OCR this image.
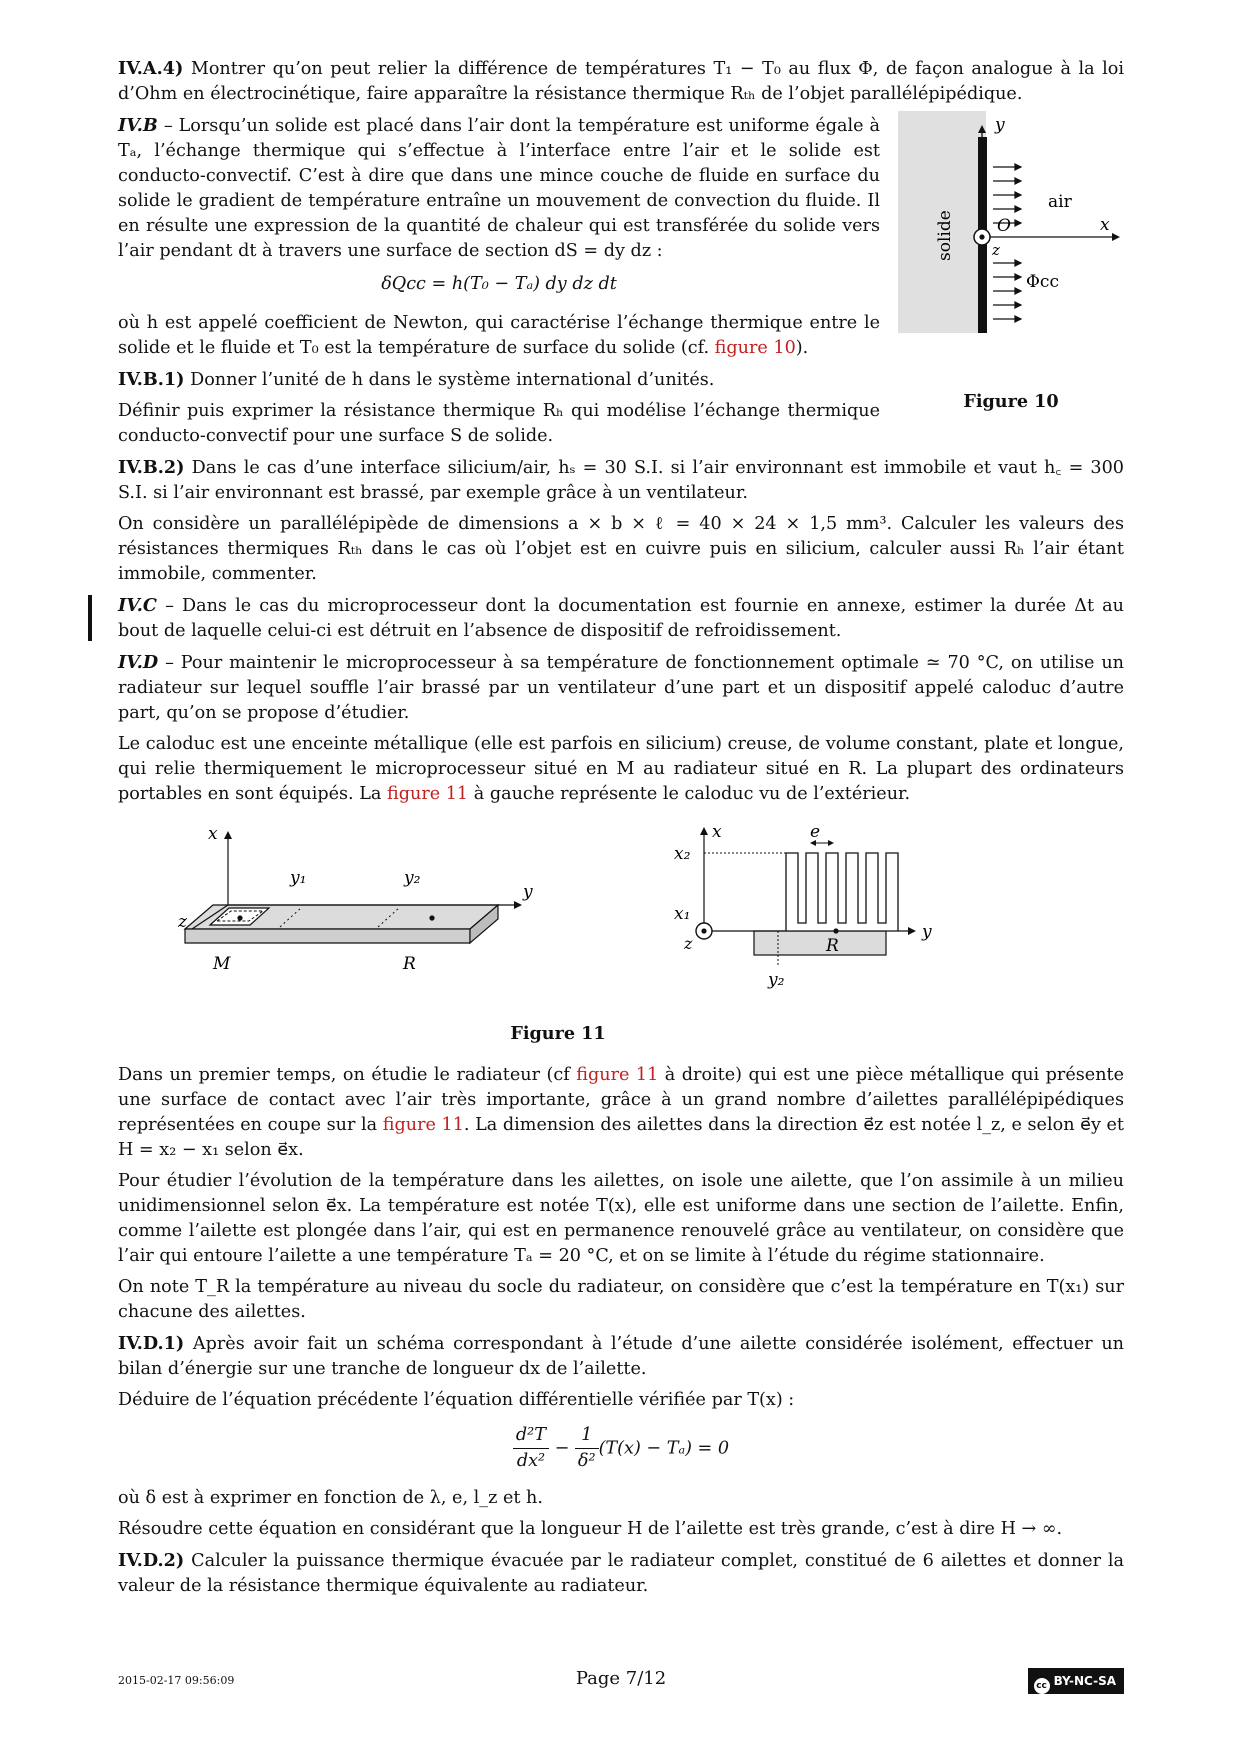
IV.A.4) Montrer qu’on peut relier la différence de températures T₁ − T₀ au flux Φ, de façon analogue à la loi d’Ohm en électrocinétique, faire apparaître la résistance thermique Rₜₕ de l’objet parallélépipédique.

IV.B – Lorsqu’un solide est placé dans l’air dont la température est uniforme égale à Tₐ, l’échange thermique qui s’effectue à l’interface entre l’air et le solide est conducto-convectif. C’est à dire que dans une mince couche de fluide en surface du solide le gradient de température entraîne un mouvement de convection du fluide. Il en résulte une expression de la quantité de chaleur qui est transférée du solide vers l’air pendant dt à travers une surface de section dS = dy dz :

δQcc = h(T₀ − Tₐ) dy dz dt

où h est appelé coefficient de Newton, qui caractérise l’échange thermique entre le solide et le fluide et T₀ est la température de surface du solide (cf. figure 10).

IV.B.1) Donner l’unité de h dans le système international d’unités.

Définir puis exprimer la résistance thermique Rₕ qui modélise l’échange thermique conducto-convectif pour une surface S de solide.

y
x
z
O
air
Φcc
solide
Figure 10

IV.B.2) Dans le cas d’une interface silicium/air, hₛ = 30 S.I. si l’air environnant est immobile et vaut h꜀ = 300 S.I. si l’air environnant est brassé, par exemple grâce à un ventilateur.

On considère un parallélépipède de dimensions a × b × ℓ = 40 × 24 × 1,5 mm³. Calculer les valeurs des résistances thermiques Rₜₕ dans le cas où l’objet est en cuivre puis en silicium, calculer aussi Rₕ l’air étant immobile, commenter.

IV.C – Dans le cas du microprocesseur dont la documentation est fournie en annexe, estimer la durée Δt au bout de laquelle celui-ci est détruit en l’absence de dispositif de refroidissement.

IV.D – Pour maintenir le microprocesseur à sa température de fonctionnement optimale ≃ 70 °C, on utilise un radiateur sur lequel souffle l’air brassé par un ventilateur d’une part et un dispositif appelé caloduc d’autre part, qu’on se propose d’étudier.

Le caloduc est une enceinte métallique (elle est parfois en silicium) creuse, de volume constant, plate et longue, qui relie thermiquement le microprocesseur situé en M au radiateur situé en R. La plupart des ordinateurs portables en sont équipés. La figure 11 à gauche représente le caloduc vu de l’extérieur.

x
y
z
y₁	y₂
M	R
x
y
z
x₂
x₁
y₂
e
R
Figure 11

Dans un premier temps, on étudie le radiateur (cf figure 11 à droite) qui est une pièce métallique qui présente une surface de contact avec l’air très importante, grâce à un grand nombre d’ailettes parallélépipédiques représentées en coupe sur la figure 11. La dimension des ailettes dans la direction e⃗z est notée l_z, e selon e⃗y et H = x₂ − x₁ selon e⃗x.

Pour étudier l’évolution de la température dans les ailettes, on isole une ailette, que l’on assimile à un milieu unidimensionnel selon e⃗x. La température est notée T(x), elle est uniforme dans une section de l’ailette. Enfin, comme l’ailette est plongée dans l’air, qui est en permanence renouvelé grâce au ventilateur, on considère que l’air qui entoure l’ailette a une température Tₐ = 20 °C, et on se limite à l’étude du régime stationnaire.

On note T_R la température au niveau du socle du radiateur, on considère que c’est la température en T(x₁) sur chacune des ailettes.

IV.D.1) Après avoir fait un schéma correspondant à l’étude d’une ailette considérée isolément, effectuer un bilan d’énergie sur une tranche de longueur dx de l’ailette.

Déduire de l’équation précédente l’équation différentielle vérifiée par T(x) :

$\frac{\text{d²T}}{\text{dx²}} - \frac{1}{\text{δ²}} (T(x) - T_a) = 0$

où δ est à exprimer en fonction de λ, e, l_z et h.

Résoudre cette équation en considérant que la longueur H de l’ailette est très grande, c’est à dire H → ∞.

IV.D.2) Calculer la puissance thermique évacuée par le radiateur complet, constitué de 6 ailettes et donner la valeur de la résistance thermique équivalente au radiateur.

2015-02-17 09:56:09	Page 7/12	cc BY-NC-SA
